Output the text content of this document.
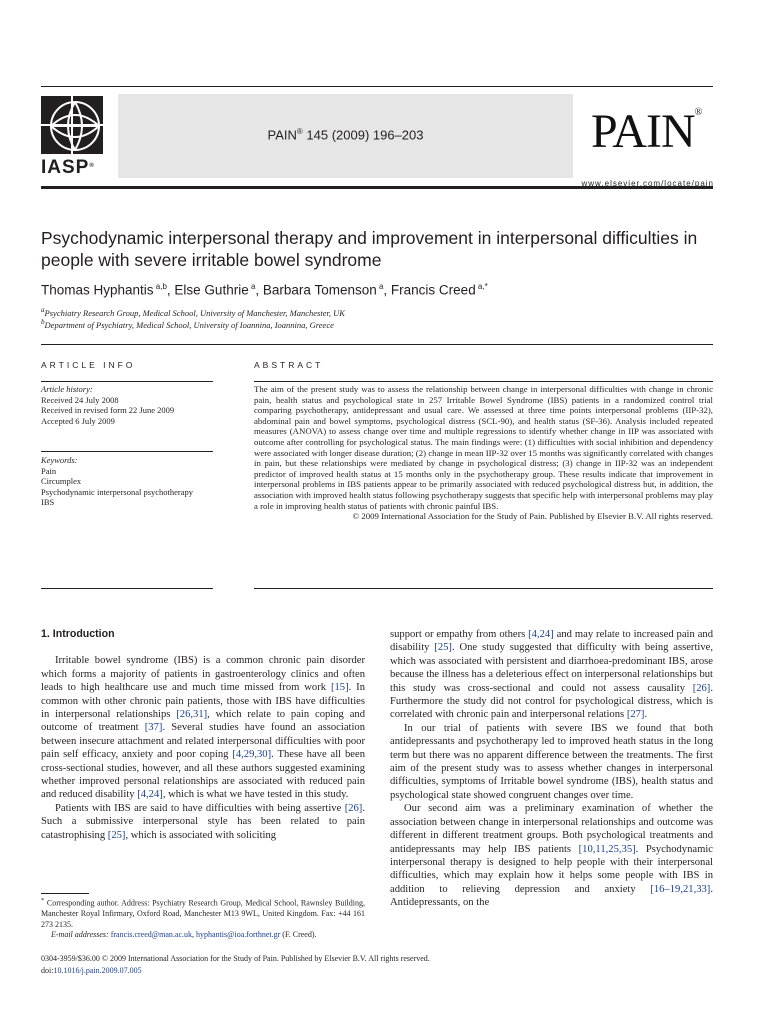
IASP®
PAIN® 145 (2009) 196–203	PAIN®
www.elsevier.com/locate/pain
Psychodynamic interpersonal therapy and improvement in interpersonal difficulties in people with severe irritable bowel syndrome
Thomas Hyphantis $^{a,b}$, Else Guthrie $^a$, Barbara Tomenson $^a$, Francis Creed $^{a,*}$
$^a$Psychiatry Research Group, Medical School, University of Manchester, Manchester, UK
$^b$Department of Psychiatry, Medical School, University of Ioannina, Ioannina, Greece
ARTICLE INFO
Article history:
Received 24 July 2008
Received in revised form 22 June 2009
Accepted 6 July 2009
Keywords:
Pain
Circumplex
Psychodynamic interpersonal psychotherapy
IBS
ABSTRACT
The aim of the present study was to assess the relationship between change in interpersonal difficulties with change in chronic pain, health status and psychological state in 257 Irritable Bowel Syndrome (IBS) patients in a randomized control trial comparing psychotherapy, antidepressant and usual care. We assessed at three time points interpersonal problems (IIP-32), abdominal pain and bowel symptoms, psychological distress (SCL-90), and health status (SF-36). Analysis included repeated measures (ANOVA) to assess change over time and multiple regressions to identify whether change in IIP was associated with outcome after controlling for psychological status. The main findings were: (1) difficulties with social inhibition and dependency were associated with longer disease duration; (2) change in mean IIP-32 over 15 months was significantly correlated with changes in pain, but these relationships were mediated by change in psychological distress; (3) change in IIP-32 was an independent predictor of improved health status at 15 months only in the psychotherapy group. These results indicate that improvement in interpersonal problems in IBS patients appear to be primarily associated with reduced psychological distress but, in addition, the association with improved health status following psychotherapy suggests that specific help with interpersonal problems may play a role in improving health status of patients with chronic painful IBS.
© 2009 International Association for the Study of Pain. Published by Elsevier B.V. All rights reserved.
1. Introduction

Irritable bowel syndrome (IBS) is a common chronic pain disorder which forms a majority of patients in gastroenterology clinics and often leads to high healthcare use and much time missed from work [15]. In common with other chronic pain patients, those with IBS have difficulties in interpersonal relationships [26,31], which relate to pain coping and outcome of treatment [37]. Several studies have found an association between insecure attachment and related interpersonal difficulties with poor pain self efficacy, anxiety and poor coping [4,29,30]. These have all been cross-sectional studies, however, and all these authors suggested examining whether improved personal relationships are associated with reduced pain and reduced disability [4,24], which is what we have tested in this study.

Patients with IBS are said to have difficulties with being assertive [26]. Such a submissive interpersonal style has been related to pain catastrophising [25], which is associated with soliciting

support or empathy from others [4,24] and may relate to increased pain and disability [25]. One study suggested that difficulty with being assertive, which was associated with persistent and diarrhoea-predominant IBS, arose because the illness has a deleterious effect on interpersonal relationships but this study was cross-sectional and could not assess causality [26]. Furthermore the study did not control for psychological distress, which is correlated with chronic pain and interpersonal relations [27].

In our trial of patients with severe IBS we found that both antidepressants and psychotherapy led to improved heath status in the long term but there was no apparent difference between the treatments. The first aim of the present study was to assess whether changes in interpersonal difficulties, symptoms of Irritable bowel syndrome (IBS), health status and psychological state showed congruent changes over time.

Our second aim was a preliminary examination of whether the association between change in interpersonal relationships and outcome was different in different treatment groups. Both psychological treatments and antidepressants may help IBS patients [10,11,25,35]. Psychodynamic interpersonal therapy is designed to help people with their interpersonal difficulties, which may explain how it helps some people with IBS in addition to relieving depression and anxiety [16–19,21,33]. Antidepressants, on the

* Corresponding author. Address: Psychiatry Research Group, Medical School, Rawnsley Building, Manchester Royal Infirmary, Oxford Road, Manchester M13 9WL, United Kingdom. Fax: +44 161 273 2135.
E-mail addresses: francis.creed@man.ac.uk, hyphantis@ioa.forthnet.gr (F. Creed).
0304-3959/$36.00 © 2009 International Association for the Study of Pain. Published by Elsevier B.V. All rights reserved.
doi:10.1016/j.pain.2009.07.005
